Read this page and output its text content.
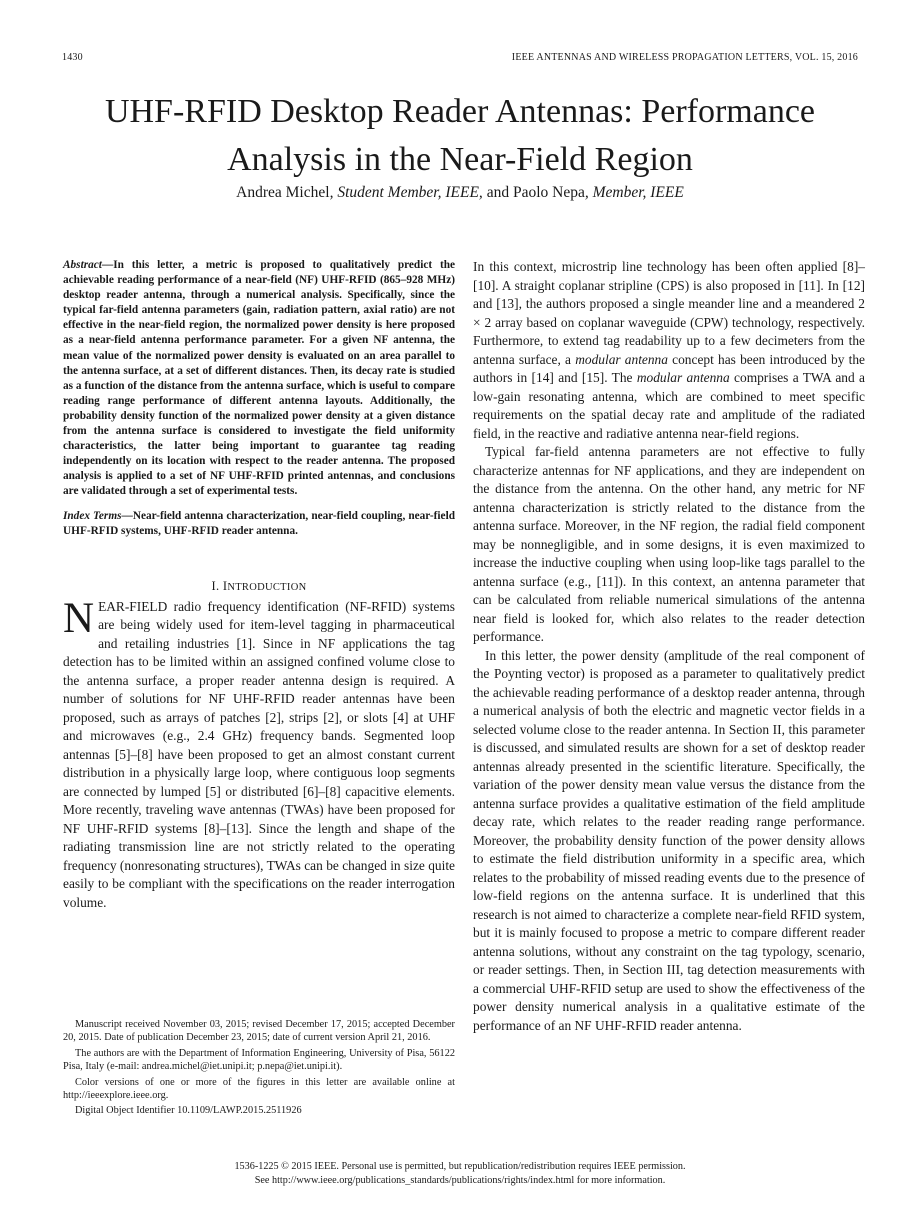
1430	IEEE ANTENNAS AND WIRELESS PROPAGATION LETTERS, VOL. 15, 2016
UHF-RFID Desktop Reader Antennas: Performance
Analysis in the Near-Field Region
Andrea Michel, Student Member, IEEE, and Paolo Nepa, Member, IEEE

Abstract—In this letter, a metric is proposed to qualitatively predict the achievable reading performance of a near-field (NF) UHF-RFID (865–928 MHz) desktop reader antenna, through a numerical analysis. Specifically, since the typical far-field antenna parameters (gain, radiation pattern, axial ratio) are not effective in the near-field region, the normalized power density is here proposed as a near-field antenna performance parameter. For a given NF antenna, the mean value of the normalized power density is evaluated on an area parallel to the antenna surface, at a set of different distances. Then, its decay rate is studied as a function of the distance from the antenna surface, which is useful to compare reading range performance of different antenna layouts. Additionally, the probability density function of the normalized power density at a given distance from the antenna surface is considered to investigate the field uniformity characteristics, the latter being important to guarantee tag reading independently on its location with respect to the reader antenna. The proposed analysis is applied to a set of NF UHF-RFID printed antennas, and conclusions are validated through a set of experimental tests.

Index Terms—Near-field antenna characterization, near-field coupling, near-field UHF-RFID systems, UHF-RFID reader antenna.

I. INTRODUCTION

NEAR-FIELD radio frequency identification (NF-RFID) systems are being widely used for item-level tagging in pharmaceutical and retailing industries [1]. Since in NF applications the tag detection has to be limited within an assigned confined volume close to the antenna surface, a proper reader antenna design is required. A number of solutions for NF UHF-RFID reader antennas have been proposed, such as arrays of patches [2], strips [2], or slots [4] at UHF and microwaves (e.g., 2.4 GHz) frequency bands. Segmented loop antennas [5]–[8] have been proposed to get an almost constant current distribution in a physically large loop, where contiguous loop segments are connected by lumped [5] or distributed [6]–[8] capacitive elements. More recently, traveling wave antennas (TWAs) have been proposed for NF UHF-RFID systems [8]–[13]. Since the length and shape of the radiating transmission line are not strictly related to the operating frequency (nonresonating structures), TWAs can be changed in size quite easily to be compliant with the specifications on the reader interrogation volume.

Manuscript received November 03, 2015; revised December 17, 2015; accepted December 20, 2015. Date of publication December 23, 2015; date of current version April 21, 2016.

The authors are with the Department of Information Engineering, University of Pisa, 56122 Pisa, Italy (e-mail: andrea.michel@iet.unipi.it; p.nepa@iet.unipi.it).

Color versions of one or more of the figures in this letter are available online at http://ieeexplore.ieee.org.

Digital Object Identifier 10.1109/LAWP.2015.2511926

In this context, microstrip line technology has been often applied [8]–[10]. A straight coplanar stripline (CPS) is also proposed in [11]. In [12] and [13], the authors proposed a single meander line and a meandered 2 × 2 array based on coplanar waveguide (CPW) technology, respectively. Furthermore, to extend tag readability up to a few decimeters from the antenna surface, a modular antenna concept has been introduced by the authors in [14] and [15]. The modular antenna comprises a TWA and a low-gain resonating antenna, which are combined to meet specific requirements on the spatial decay rate and amplitude of the radiated field, in the reactive and radiative antenna near-field regions.

Typical far-field antenna parameters are not effective to fully characterize antennas for NF applications, and they are independent on the distance from the antenna. On the other hand, any metric for NF antenna characterization is strictly related to the distance from the antenna surface. Moreover, in the NF region, the radial field component may be nonnegligible, and in some designs, it is even maximized to increase the inductive coupling when using loop-like tags parallel to the antenna surface (e.g., [11]). In this context, an antenna parameter that can be calculated from reliable numerical simulations of the antenna near field is looked for, which also relates to the reader detection performance.

In this letter, the power density (amplitude of the real component of the Poynting vector) is proposed as a parameter to qualitatively predict the achievable reading performance of a desktop reader antenna, through a numerical analysis of both the electric and magnetic vector fields in a selected volume close to the reader antenna. In Section II, this parameter is discussed, and simulated results are shown for a set of desktop reader antennas already presented in the scientific literature. Specifically, the variation of the power density mean value versus the distance from the antenna surface provides a qualitative estimation of the field amplitude decay rate, which relates to the reader reading range performance. Moreover, the probability density function of the power density allows to estimate the field distribution uniformity in a specific area, which relates to the probability of missed reading events due to the presence of low-field regions on the antenna surface. It is underlined that this research is not aimed to characterize a complete near-field RFID system, but it is mainly focused to propose a metric to compare different reader antenna solutions, without any constraint on the tag typology, scenario, or reader settings. Then, in Section III, tag detection measurements with a commercial UHF-RFID setup are used to show the effectiveness of the power density numerical analysis in a qualitative estimate of the performance of an NF UHF-RFID reader antenna.

1536-1225 © 2015 IEEE. Personal use is permitted, but republication/redistribution requires IEEE permission.

See http://www.ieee.org/publications_standards/publications/rights/index.html for more information.
